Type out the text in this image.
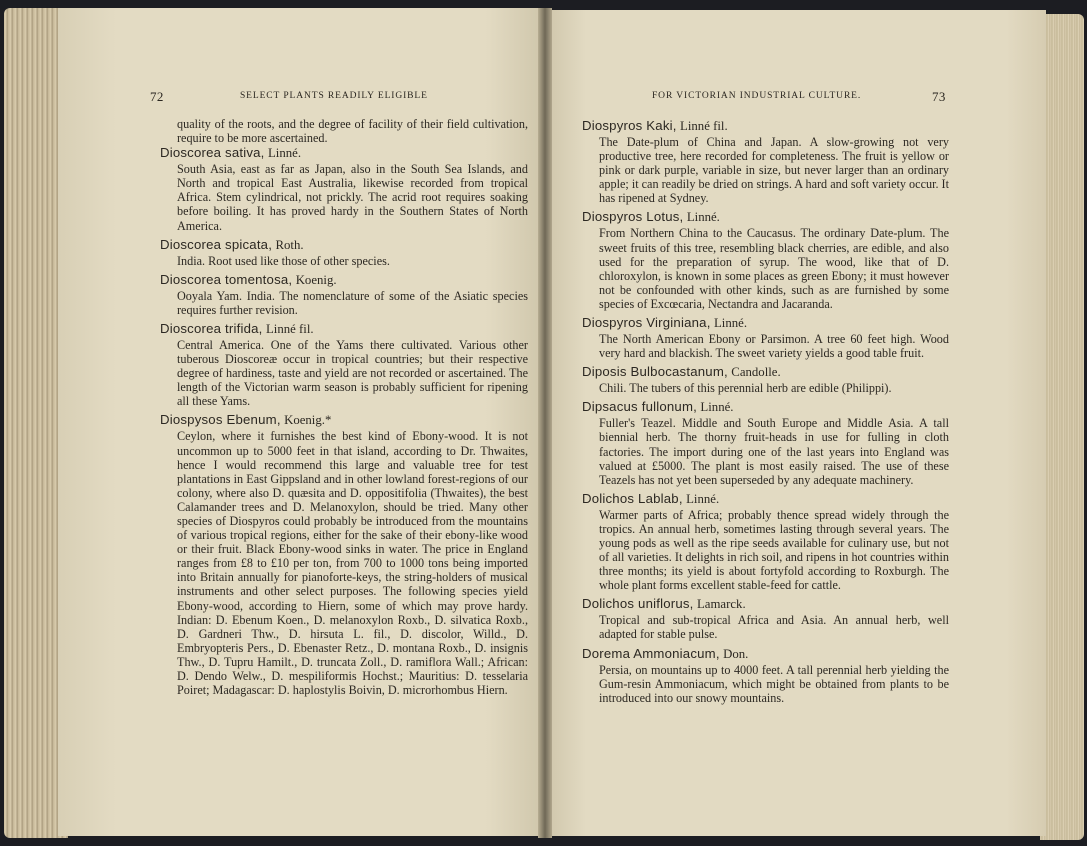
72	SELECT PLANTS READILY ELIGIBLE	FOR VICTORIAN INDUSTRIAL CULTURE.	73

quality of the roots, and the degree of facility of their field cultivation, require to be more ascertained.

Dioscorea sativa, Linné.

South Asia, east as far as Japan, also in the South Sea Islands, and North and tropical East Australia, likewise recorded from tropical Africa. Stem cylindrical, not prickly. The acrid root requires soaking before boiling. It has proved hardy in the Southern States of North America.

Dioscorea spicata, Roth.

India. Root used like those of other species.

Dioscorea tomentosa, Koenig.

Ooyala Yam. India. The nomenclature of some of the Asiatic species requires further revision.

Dioscorea trifida, Linné fil.

Central America. One of the Yams there cultivated. Various other tuberous Dioscoreæ occur in tropical countries; but their respective degree of hardiness, taste and yield are not recorded or ascertained. The length of the Victorian warm season is probably sufficient for ripening all these Yams.

Diospysos Ebenum, Koenig.*

Ceylon, where it furnishes the best kind of Ebony-wood. It is not uncommon up to 5000 feet in that island, according to Dr. Thwaites, hence I would recommend this large and valuable tree for test plantations in East Gippsland and in other lowland forest-regions of our colony, where also D. quæsita and D. oppositifolia (Thwaites), the best Calamander trees and D. Melanoxylon, should be tried. Many other species of Diospyros could probably be introduced from the mountains of various tropical regions, either for the sake of their ebony-like wood or their fruit. Black Ebony-wood sinks in water. The price in England ranges from £8 to £10 per ton, from 700 to 1000 tons being imported into Britain annually for pianoforte-keys, the string-holders of musical instruments and other select purposes. The following species yield Ebony-wood, according to Hiern, some of which may prove hardy. Indian: D. Ebenum Koen., D. melanoxylon Roxb., D. silvatica Roxb., D. Gardneri Thw., D. hirsuta L. fil., D. discolor, Willd., D. Embryopteris Pers., D. Ebenaster Retz., D. montana Roxb., D. insignis Thw., D. Tupru Hamilt., D. truncata Zoll., D. ramiflora Wall.; African: D. Dendo Welw., D. mespiliformis Hochst.; Mauritius: D. tesselaria Poiret; Madagascar: D. haplostylis Boivin, D. microrhombus Hiern.

Diospyros Kaki, Linné fil.

The Date-plum of China and Japan. A slow-growing not very productive tree, here recorded for completeness. The fruit is yellow or pink or dark purple, variable in size, but never larger than an ordinary apple; it can readily be dried on strings. A hard and soft variety occur. It has ripened at Sydney.

Diospyros Lotus, Linné.

From Northern China to the Caucasus. The ordinary Date-plum. The sweet fruits of this tree, resembling black cherries, are edible, and also used for the preparation of syrup. The wood, like that of D. chloroxylon, is known in some places as green Ebony; it must however not be confounded with other kinds, such as are furnished by some species of Excœcaria, Nectandra and Jacaranda.

Diospyros Virginiana, Linné.

The North American Ebony or Parsimon. A tree 60 feet high. Wood very hard and blackish. The sweet variety yields a good table fruit.

Diposis Bulbocastanum, Candolle.

Chili. The tubers of this perennial herb are edible (Philippi).

Dipsacus fullonum, Linné.

Fuller's Teazel. Middle and South Europe and Middle Asia. A tall biennial herb. The thorny fruit-heads in use for fulling in cloth factories. The import during one of the last years into England was valued at £5000. The plant is most easily raised. The use of these Teazels has not yet been superseded by any adequate machinery.

Dolichos Lablab, Linné.

Warmer parts of Africa; probably thence spread widely through the tropics. An annual herb, sometimes lasting through several years. The young pods as well as the ripe seeds available for culinary use, but not of all varieties. It delights in rich soil, and ripens in hot countries within three months; its yield is about fortyfold according to Roxburgh. The whole plant forms excellent stable-feed for cattle.

Dolichos uniflorus, Lamarck.

Tropical and sub-tropical Africa and Asia. An annual herb, well adapted for stable pulse.

Dorema Ammoniacum, Don.

Persia, on mountains up to 4000 feet. A tall perennial herb yielding the Gum-resin Ammoniacum, which might be obtained from plants to be introduced into our snowy mountains.
